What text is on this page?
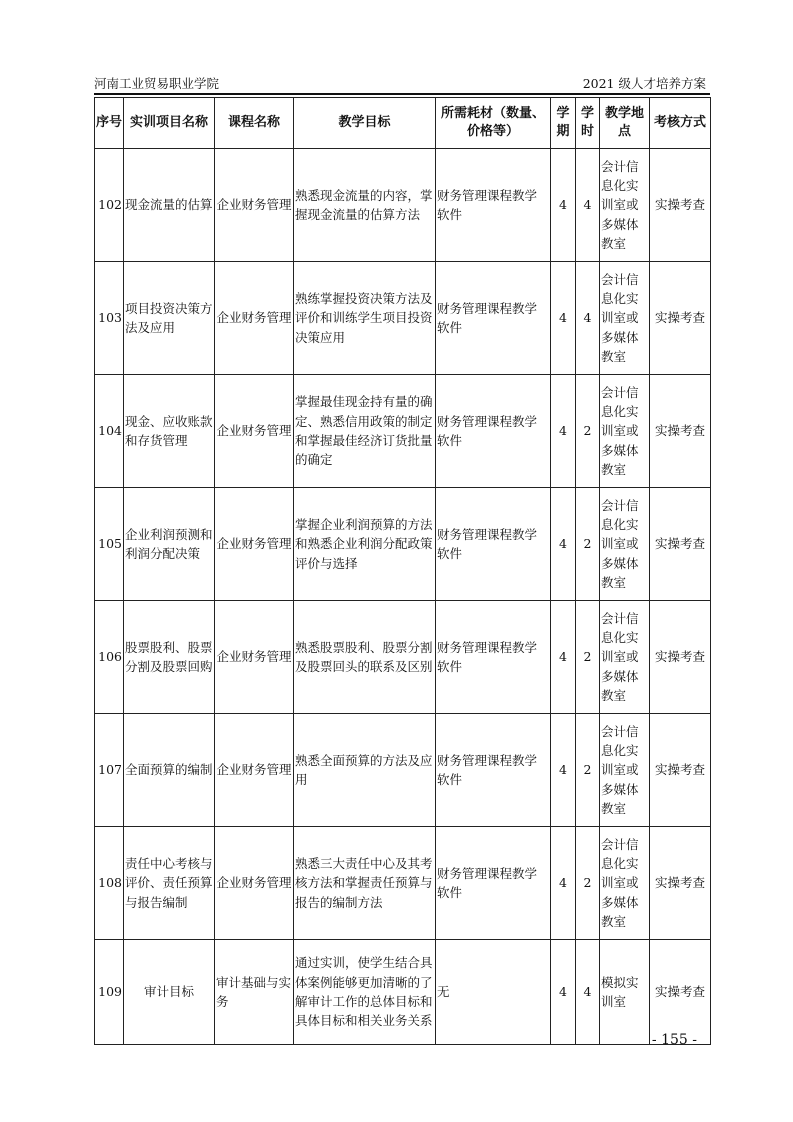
河南工业贸易职业学院	2021 级人才培养方案
序号	实训项目名称	课程名称	教学目标	所需耗材（数量、价格等）	学期	学时	教学地点	考核方式
102	现金流量的估算	企业财务管理	熟悉现金流量的内容，掌握现金流量的估算方法	财务管理课程教学软件	4	4	会计信息化实训室或多媒体教室	实操考查
103	项目投资决策方法及应用	企业财务管理	熟练掌握投资决策方法及评价和训练学生项目投资决策应用	财务管理课程教学软件	4	4	会计信息化实训室或多媒体教室	实操考查
104	现金、应收账款和存货管理	企业财务管理	掌握最佳现金持有量的确定、熟悉信用政策的制定和掌握最佳经济订货批量的确定	财务管理课程教学软件	4	2	会计信息化实训室或多媒体教室	实操考查
105	企业利润预测和利润分配决策	企业财务管理	掌握企业利润预算的方法和熟悉企业利润分配政策评价与选择	财务管理课程教学软件	4	2	会计信息化实训室或多媒体教室	实操考查
106	股票股利、股票分割及股票回购	企业财务管理	熟悉股票股利、股票分割及股票回头的联系及区别	财务管理课程教学软件	4	2	会计信息化实训室或多媒体教室	实操考查
107	全面预算的编制	企业财务管理	熟悉全面预算的方法及应用	财务管理课程教学软件	4	2	会计信息化实训室或多媒体教室	实操考查
108	责任中心考核与评价、责任预算与报告编制	企业财务管理	熟悉三大责任中心及其考核方法和掌握责任预算与报告的编制方法	财务管理课程教学软件	4	2	会计信息化实训室或多媒体教室	实操考查
109	审计目标	审计基础与实务	通过实训，使学生结合具体案例能够更加清晰的了解审计工作的总体目标和具体目标和相关业务关系	无	4	4	模拟实训室	实操考查
- 155 -
